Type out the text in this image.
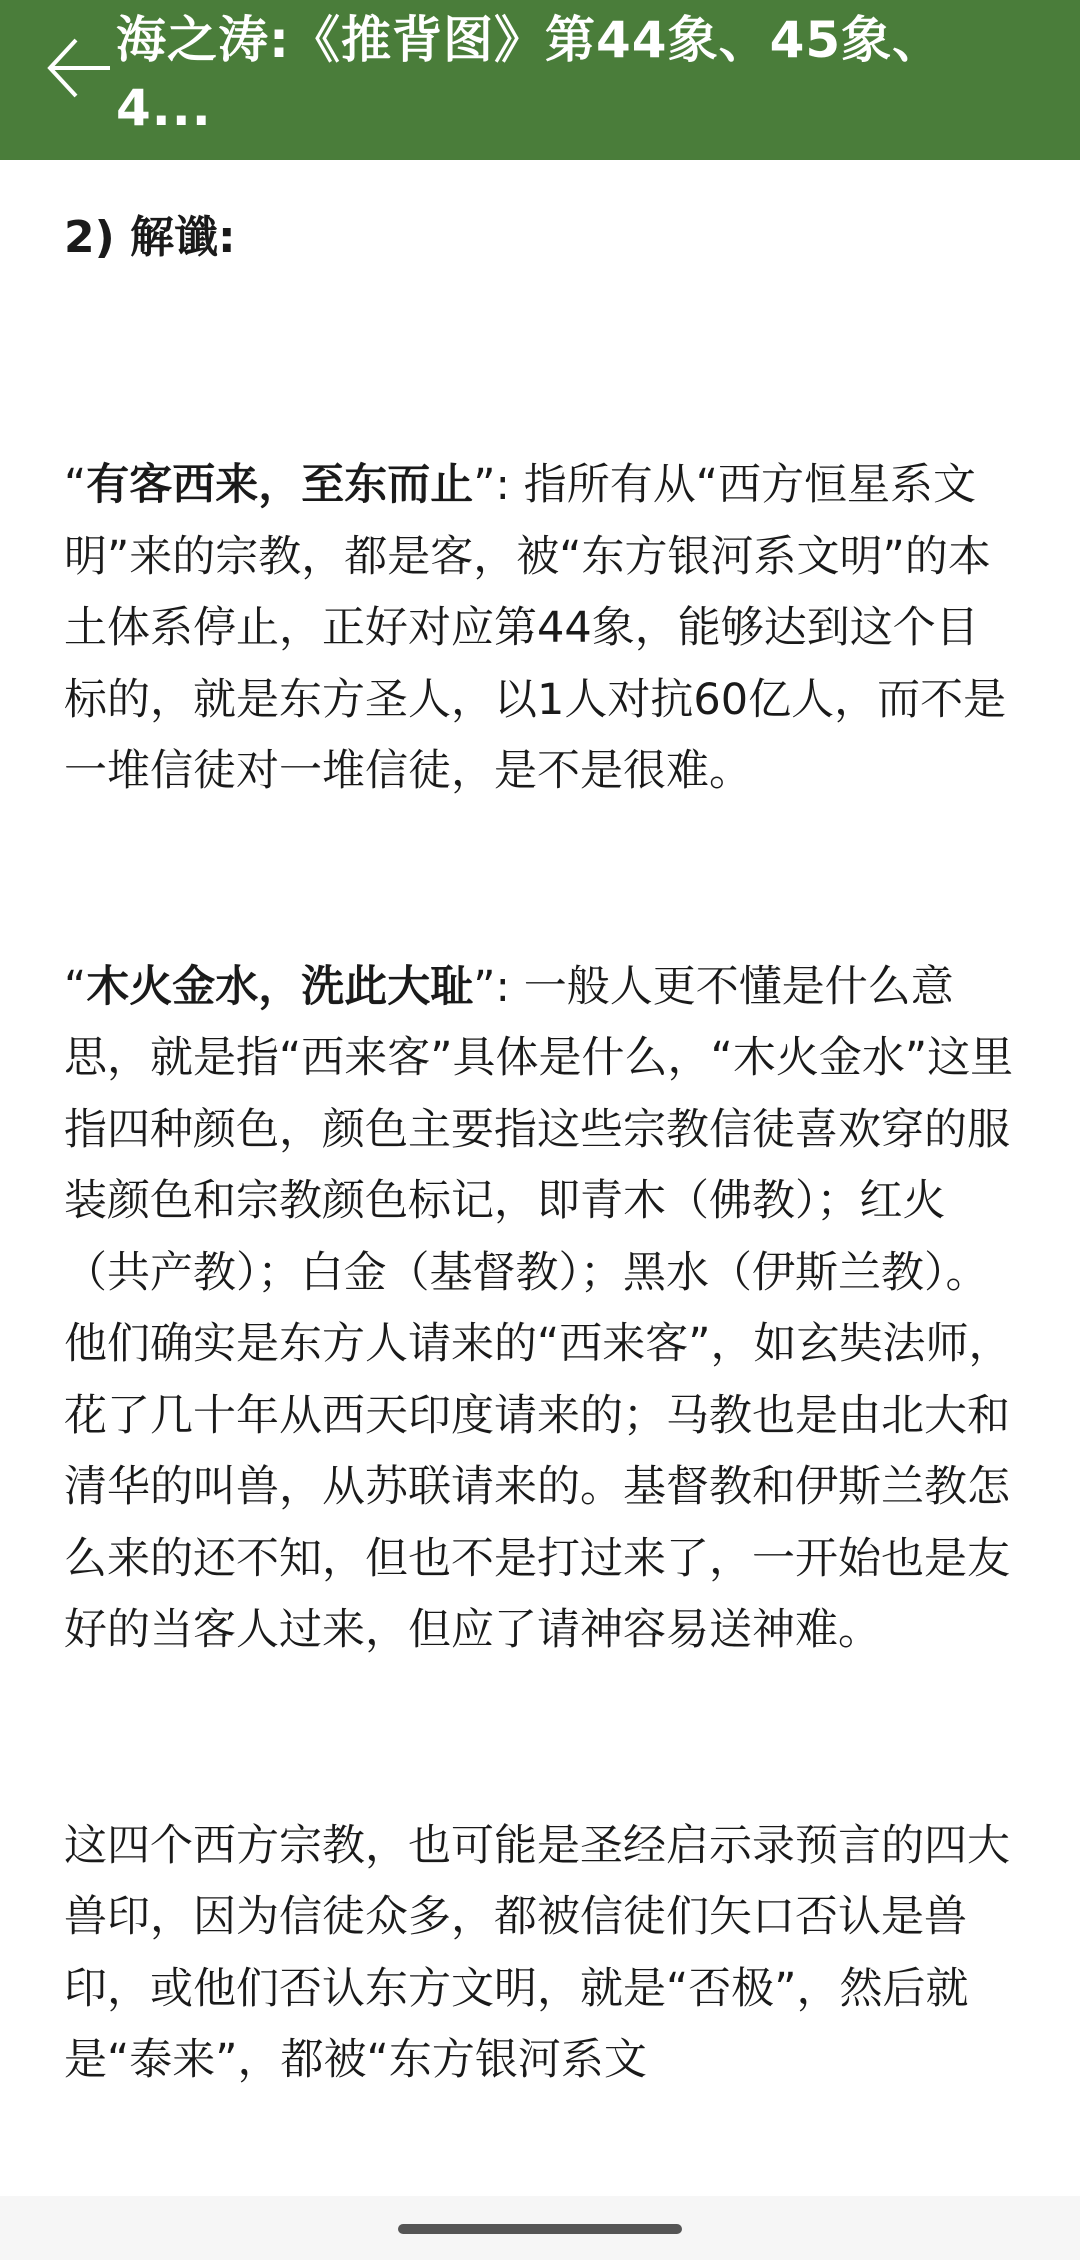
海之涛:《推背图》第44象、45象、4...
2) 解谶:

“有客西来，至东而止”: 指所有从“西方恒星系文明”来的宗教，都是客，被“东方银河系文明”的本土体系停止，正好对应第44象，能够达到这个目标的，就是东方圣人，以1人对抗60亿人，而不是一堆信徒对一堆信徒，是不是很难。

“木火金水，洗此大耻”: 一般人更不懂是什么意思，就是指“西来客”具体是什么，“木火金水”这里指四种颜色，颜色主要指这些宗教信徒喜欢穿的服装颜色和宗教颜色标记，即青木（佛教）；红火（共产教）；白金（基督教）；黑水（伊斯兰教）。他们确实是东方人请来的“西来客”，如玄奘法师，花了几十年从西天印度请来的；马教也是由北大和清华的叫兽，从苏联请来的。基督教和伊斯兰教怎么来的还不知，但也不是打过来了，一开始也是友好的当客人过来，但应了请神容易送神难。

这四个西方宗教，也可能是圣经启示录预言的四大兽印，因为信徒众多，都被信徒们矢口否认是兽印，或他们否认东方文明，就是“否极”，然后就是“泰来”，都被“东方银河系文
